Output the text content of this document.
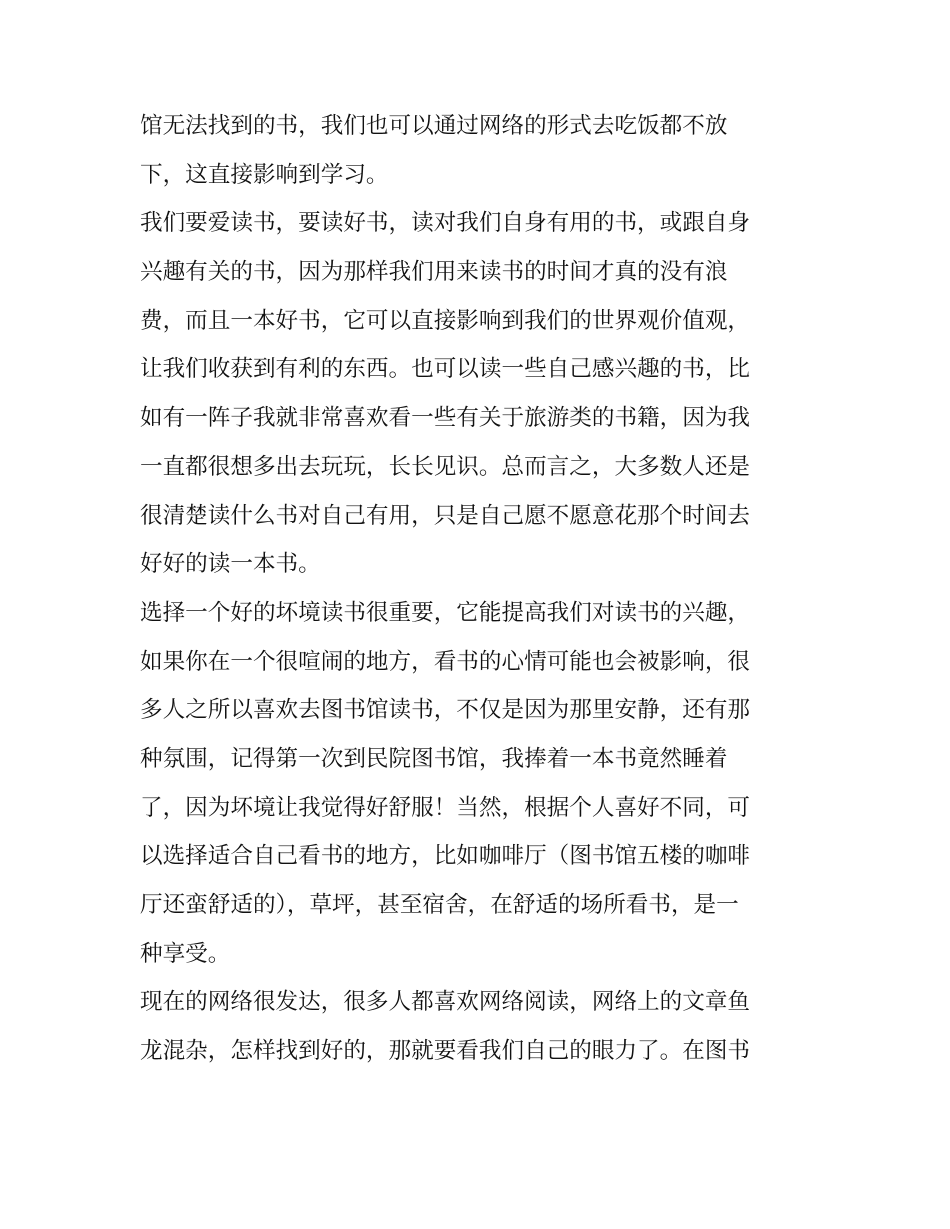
馆无法找到的书，我们也可以通过网络的形式去吃饭都不放
下，这直接影响到学习。
我们要爱读书，要读好书，读对我们自身有用的书，或跟自身
兴趣有关的书，因为那样我们用来读书的时间才真的没有浪
费，而且一本好书，它可以直接影响到我们的世界观价值观，
让我们收获到有利的东西。也可以读一些自己感兴趣的书，比
如有一阵子我就非常喜欢看一些有关于旅游类的书籍，因为我
一直都很想多出去玩玩，长长见识。总而言之，大多数人还是
很清楚读什么书对自己有用，只是自己愿不愿意花那个时间去
好好的读一本书。
选择一个好的坏境读书很重要，它能提高我们对读书的兴趣，
如果你在一个很喧闹的地方，看书的心情可能也会被影响，很
多人之所以喜欢去图书馆读书，不仅是因为那里安静，还有那
种氛围，记得第一次到民院图书馆，我捧着一本书竟然睡着
了，因为坏境让我觉得好舒服！当然，根据个人喜好不同，可
以选择适合自己看书的地方，比如咖啡厅（图书馆五楼的咖啡
厅还蛮舒适的），草坪，甚至宿舍，在舒适的场所看书，是一
种享受。
现在的网络很发达，很多人都喜欢网络阅读，网络上的文章鱼
龙混杂，怎样找到好的，那就要看我们自己的眼力了。在图书
